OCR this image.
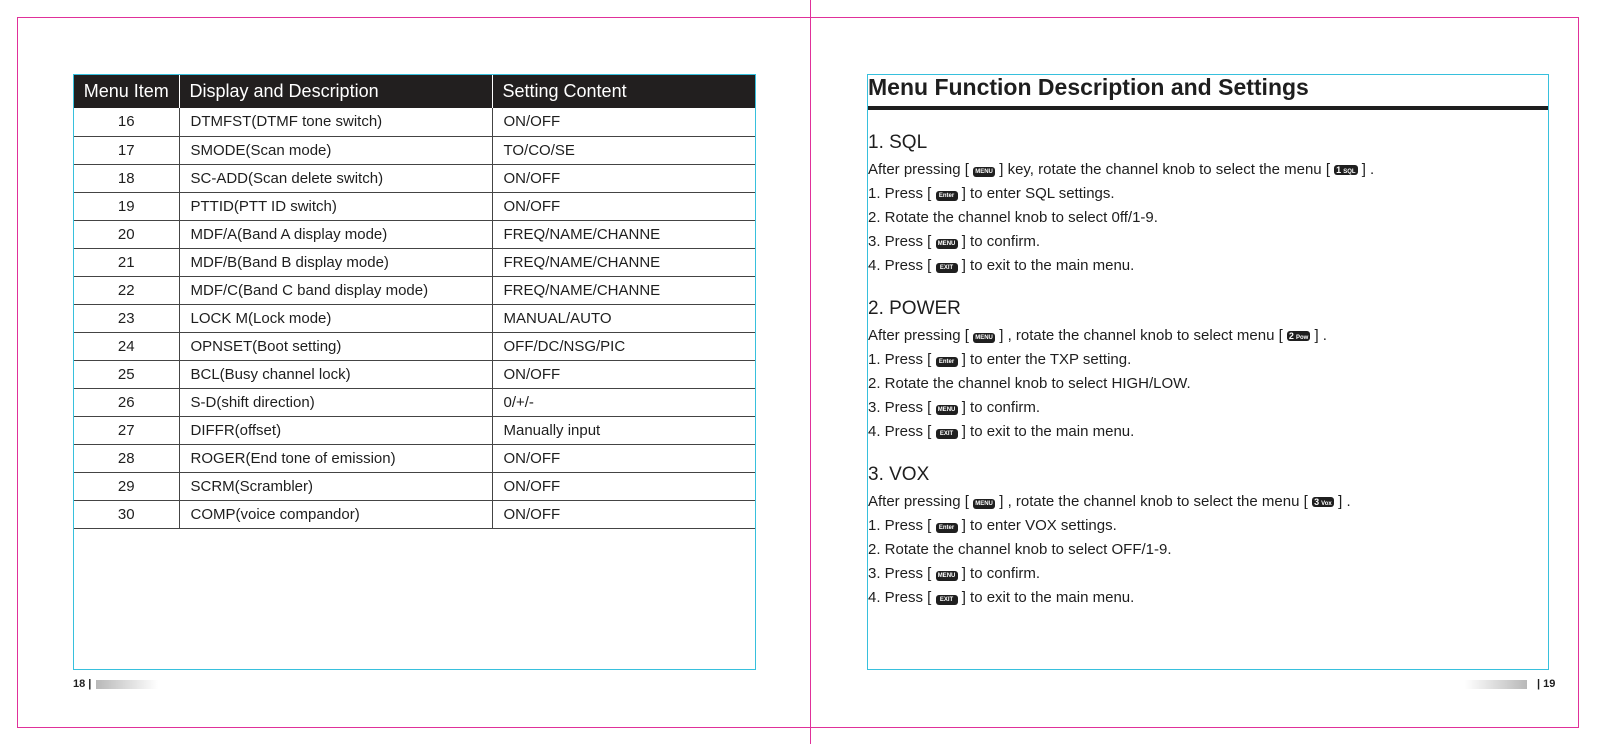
Menu Item	Display and Description	Setting Content
16	DTMFST(DTMF tone switch)	ON/OFF
17	SMODE(Scan mode)	TO/CO/SE
18	SC-ADD(Scan delete switch)	ON/OFF
19	PTTID(PTT ID switch)	ON/OFF
20	MDF/A(Band A display mode)	FREQ/NAME/CHANNE
21	MDF/B(Band B display mode)	FREQ/NAME/CHANNE
22	MDF/C(Band C band display mode)	FREQ/NAME/CHANNE
23	LOCK M(Lock mode)	MANUAL/AUTO
24	OPNSET(Boot setting)	OFF/DC/NSG/PIC
25	BCL(Busy channel lock)	ON/OFF
26	S-D(shift direction)	0/+/-
27	DIFFR(offset)	Manually input
28	ROGER(End tone of emission)	ON/OFF
29	SCRM(Scrambler)	ON/OFF
30	COMP(voice compandor)	ON/OFF
18 |
Menu Function Description and Settings
1. SQL
After pressing [ MENU ] key, rotate the channel knob to select the menu [ 1 SQL ] .
1. Press [ Enter ] to enter SQL settings.
2. Rotate the channel knob to select 0ff/1-9.
3. Press [ MENU ] to confirm.
4. Press [ EXIT ] to exit to the main menu.
2. POWER
After pressing [ MENU ] , rotate the channel knob to select menu [ 2 Pow ] .
1. Press [ Enter ] to enter the TXP setting.
2. Rotate the channel knob to select HIGH/LOW.
3. Press [ MENU ] to confirm.
4. Press [ EXIT ] to exit to the main menu.
3. VOX
After pressing [ MENU ] , rotate the channel knob to select the menu [ 3 Vox ] .
1. Press [ Enter ] to enter VOX settings.
2. Rotate the channel knob to select OFF/1-9.
3. Press [ MENU ] to confirm.
4. Press [ EXIT ] to exit to the main menu.
| 19
